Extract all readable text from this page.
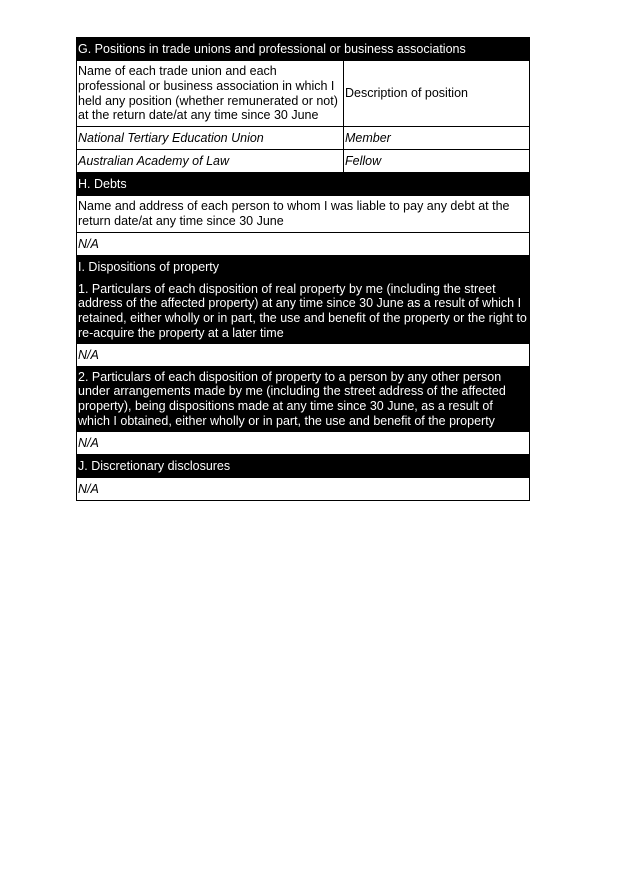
G. Positions in trade unions and professional or business associations	
Name of each trade union and each professional or business association in which I held any position (whether remunerated or not) at the return date/at any time since 30 June	Description of position
National Tertiary Education Union	Member
Australian Academy of Law	Fellow
H. Debts	
Name and address of each person to whom I was liable to pay any debt at the return date/at any time since 30 June	
N/A	
I. Dispositions of property	
1. Particulars of each disposition of real property by me (including the street address of the affected property) at any time since 30 June as a result of which I retained, either wholly or in part, the use and benefit of the property or the right to re-acquire the property at a later time	
N/A	
2. Particulars of each disposition of property to a person by any other person under arrangements made by me (including the street address of the affected property), being dispositions made at any time since 30 June, as a result of which I obtained, either wholly or in part, the use and benefit of the property	
N/A	
J. Discretionary disclosures	
N/A	
